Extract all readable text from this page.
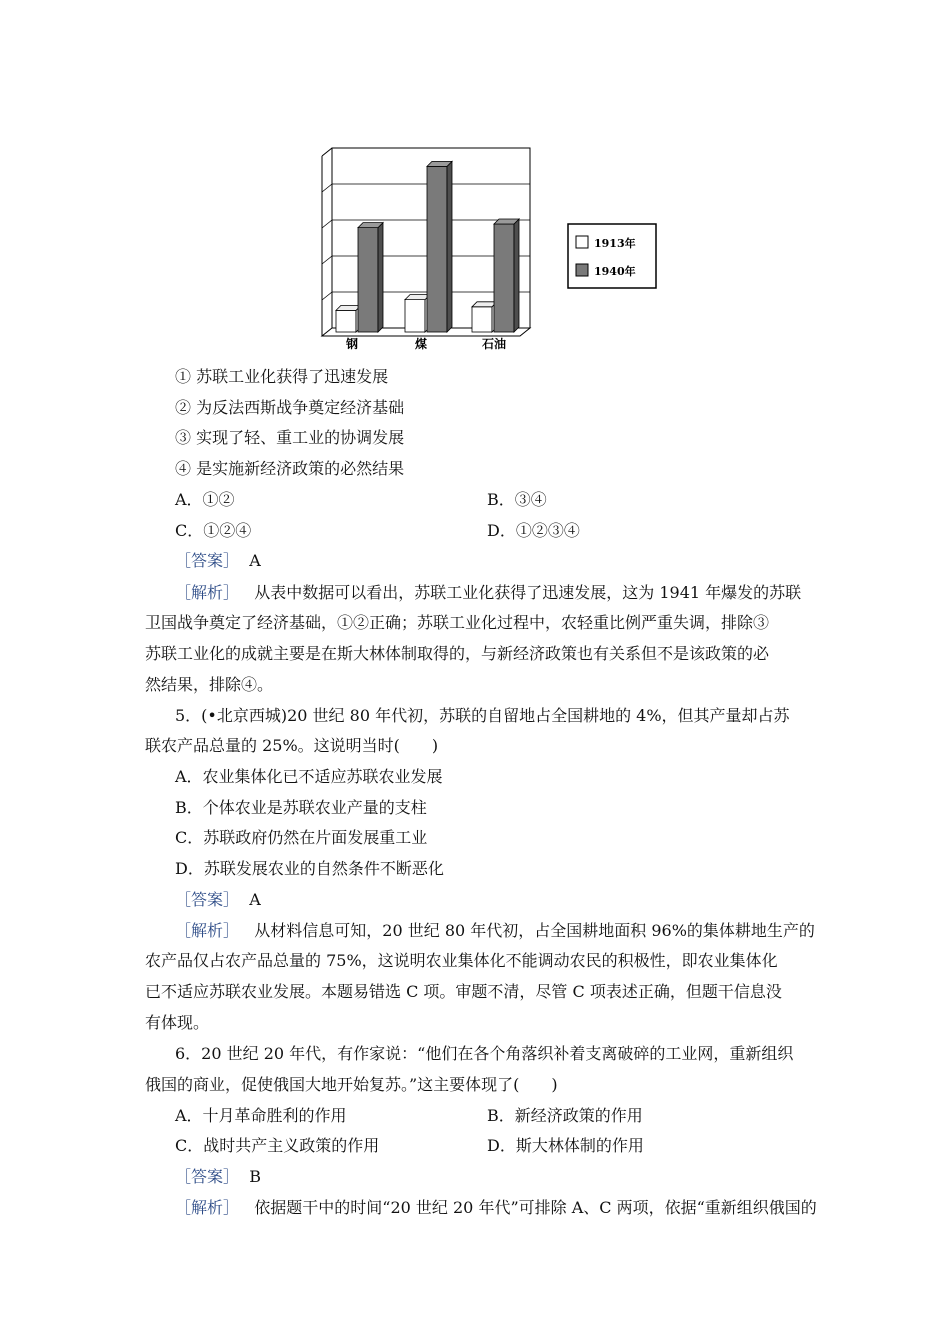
钢	煤	石油
1913年
1940年
① 苏联工业化获得了迅速发展
② 为反法西斯战争奠定经济基础
③ 实现了轻、重工业的协调发展
④ 是实施新经济政策的必然结果
A．①②	B．③④
C．①②④	D．①②③④
［答案］ A
［解析］ 从表中数据可以看出，苏联工业化获得了迅速发展，这为 1941 年爆发的苏联
卫国战争奠定了经济基础，①②正确；苏联工业化过程中，农轻重比例严重失调，排除③
苏联工业化的成就主要是在斯大林体制取得的，与新经济政策也有关系但不是该政策的必
然结果，排除④。
5．(•北京西城)20 世纪 80 年代初，苏联的自留地占全国耕地的 4%，但其产量却占苏
联农产品总量的 25%。这说明当时(　　)
A．农业集体化已不适应苏联农业发展
B．个体农业是苏联农业产量的支柱
C．苏联政府仍然在片面发展重工业
D．苏联发展农业的自然条件不断恶化
［答案］ A
［解析］ 从材料信息可知，20 世纪 80 年代初，占全国耕地面积 96%的集体耕地生产的
农产品仅占农产品总量的 75%，这说明农业集体化不能调动农民的积极性，即农业集体化
已不适应苏联农业发展。本题易错选 C 项。审题不清，尽管 C 项表述正确，但题干信息没
有体现。
6．20 世纪 20 年代，有作家说：“他们在各个角落织补着支离破碎的工业网，重新组织
俄国的商业，促使俄国大地开始复苏。”这主要体现了(　　)
A．十月革命胜利的作用	B．新经济政策的作用
C．战时共产主义政策的作用	D．斯大林体制的作用
［答案］ B
［解析］ 依据题干中的时间“20 世纪 20 年代”可排除 A、C 两项，依据“重新组织俄国的
